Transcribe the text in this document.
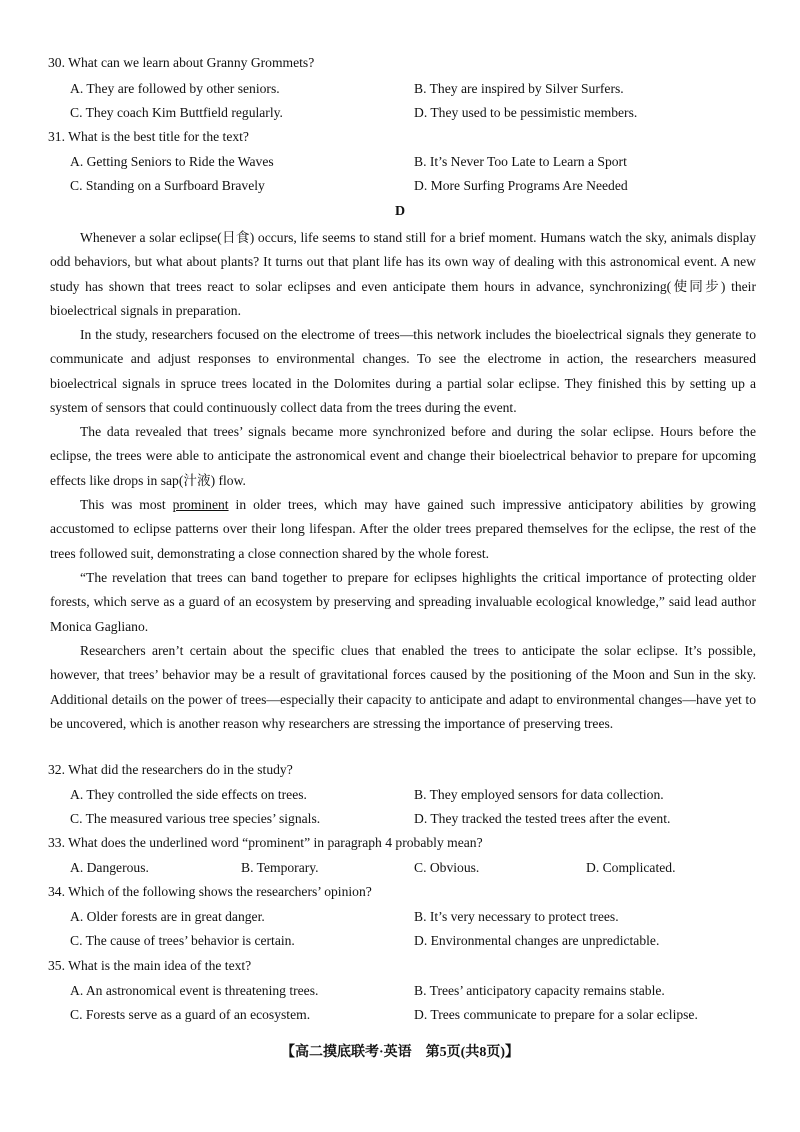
30. What can we learn about Granny Grommets?
A. They are followed by other seniors.	B. They are inspired by Silver Surfers.
C. They coach Kim Buttfield regularly.	D. They used to be pessimistic members.
31. What is the best title for the text?
A. Getting Seniors to Ride the Waves	B. It’s Never Too Late to Learn a Sport
C. Standing on a Surfboard Bravely	D. More Surfing Programs Are Needed
D

Whenever a solar eclipse(日食) occurs, life seems to stand still for a brief moment. Humans watch the sky, animals display odd behaviors, but what about plants? It turns out that plant life has its own way of dealing with this astronomical event. A new study has shown that trees react to solar eclipses and even anticipate them hours in advance, synchronizing(使同步) their bioelectrical signals in preparation.

In the study, researchers focused on the electrome of trees—this network includes the bioelectrical signals they generate to communicate and adjust responses to environmental changes. To see the electrome in action, the researchers measured bioelectrical signals in spruce trees located in the Dolomites during a partial solar eclipse. They finished this by setting up a system of sensors that could continuously collect data from the trees during the event.

The data revealed that trees’ signals became more synchronized before and during the solar eclipse. Hours before the eclipse, the trees were able to anticipate the astronomical event and change their bioelectrical behavior to prepare for upcoming effects like drops in sap(汁液) flow.

This was most prominent in older trees, which may have gained such impressive anticipatory abilities by growing accustomed to eclipse patterns over their long lifespan. After the older trees prepared themselves for the eclipse, the rest of the trees followed suit, demonstrating a close connection shared by the whole forest.

“The revelation that trees can band together to prepare for eclipses highlights the critical importance of protecting older forests, which serve as a guard of an ecosystem by preserving and spreading invaluable ecological knowledge,” said lead author Monica Gagliano.

Researchers aren’t certain about the specific clues that enabled the trees to anticipate the solar eclipse. It’s possible, however, that trees’ behavior may be a result of gravitational forces caused by the positioning of the Moon and Sun in the sky. Additional details on the power of trees—especially their capacity to anticipate and adapt to environmental changes—have yet to be uncovered, which is another reason why researchers are stressing the importance of preserving trees.

32. What did the researchers do in the study?
A. They controlled the side effects on trees.	B. They employed sensors for data collection.
C. The measured various tree species’ signals.	D. They tracked the tested trees after the event.
33. What does the underlined word “prominent” in paragraph 4 probably mean?
A. Dangerous.	B. Temporary.	C. Obvious.	D. Complicated.
34. Which of the following shows the researchers’ opinion?
A. Older forests are in great danger.	B. It’s very necessary to protect trees.
C. The cause of trees’ behavior is certain.	D. Environmental changes are unpredictable.
35. What is the main idea of the text?
A. An astronomical event is threatening trees.	B. Trees’ anticipatory capacity remains stable.
C. Forests serve as a guard of an ecosystem.	D. Trees communicate to prepare for a solar eclipse.
【高二摸底联考·英语　第5页(共8页)】
